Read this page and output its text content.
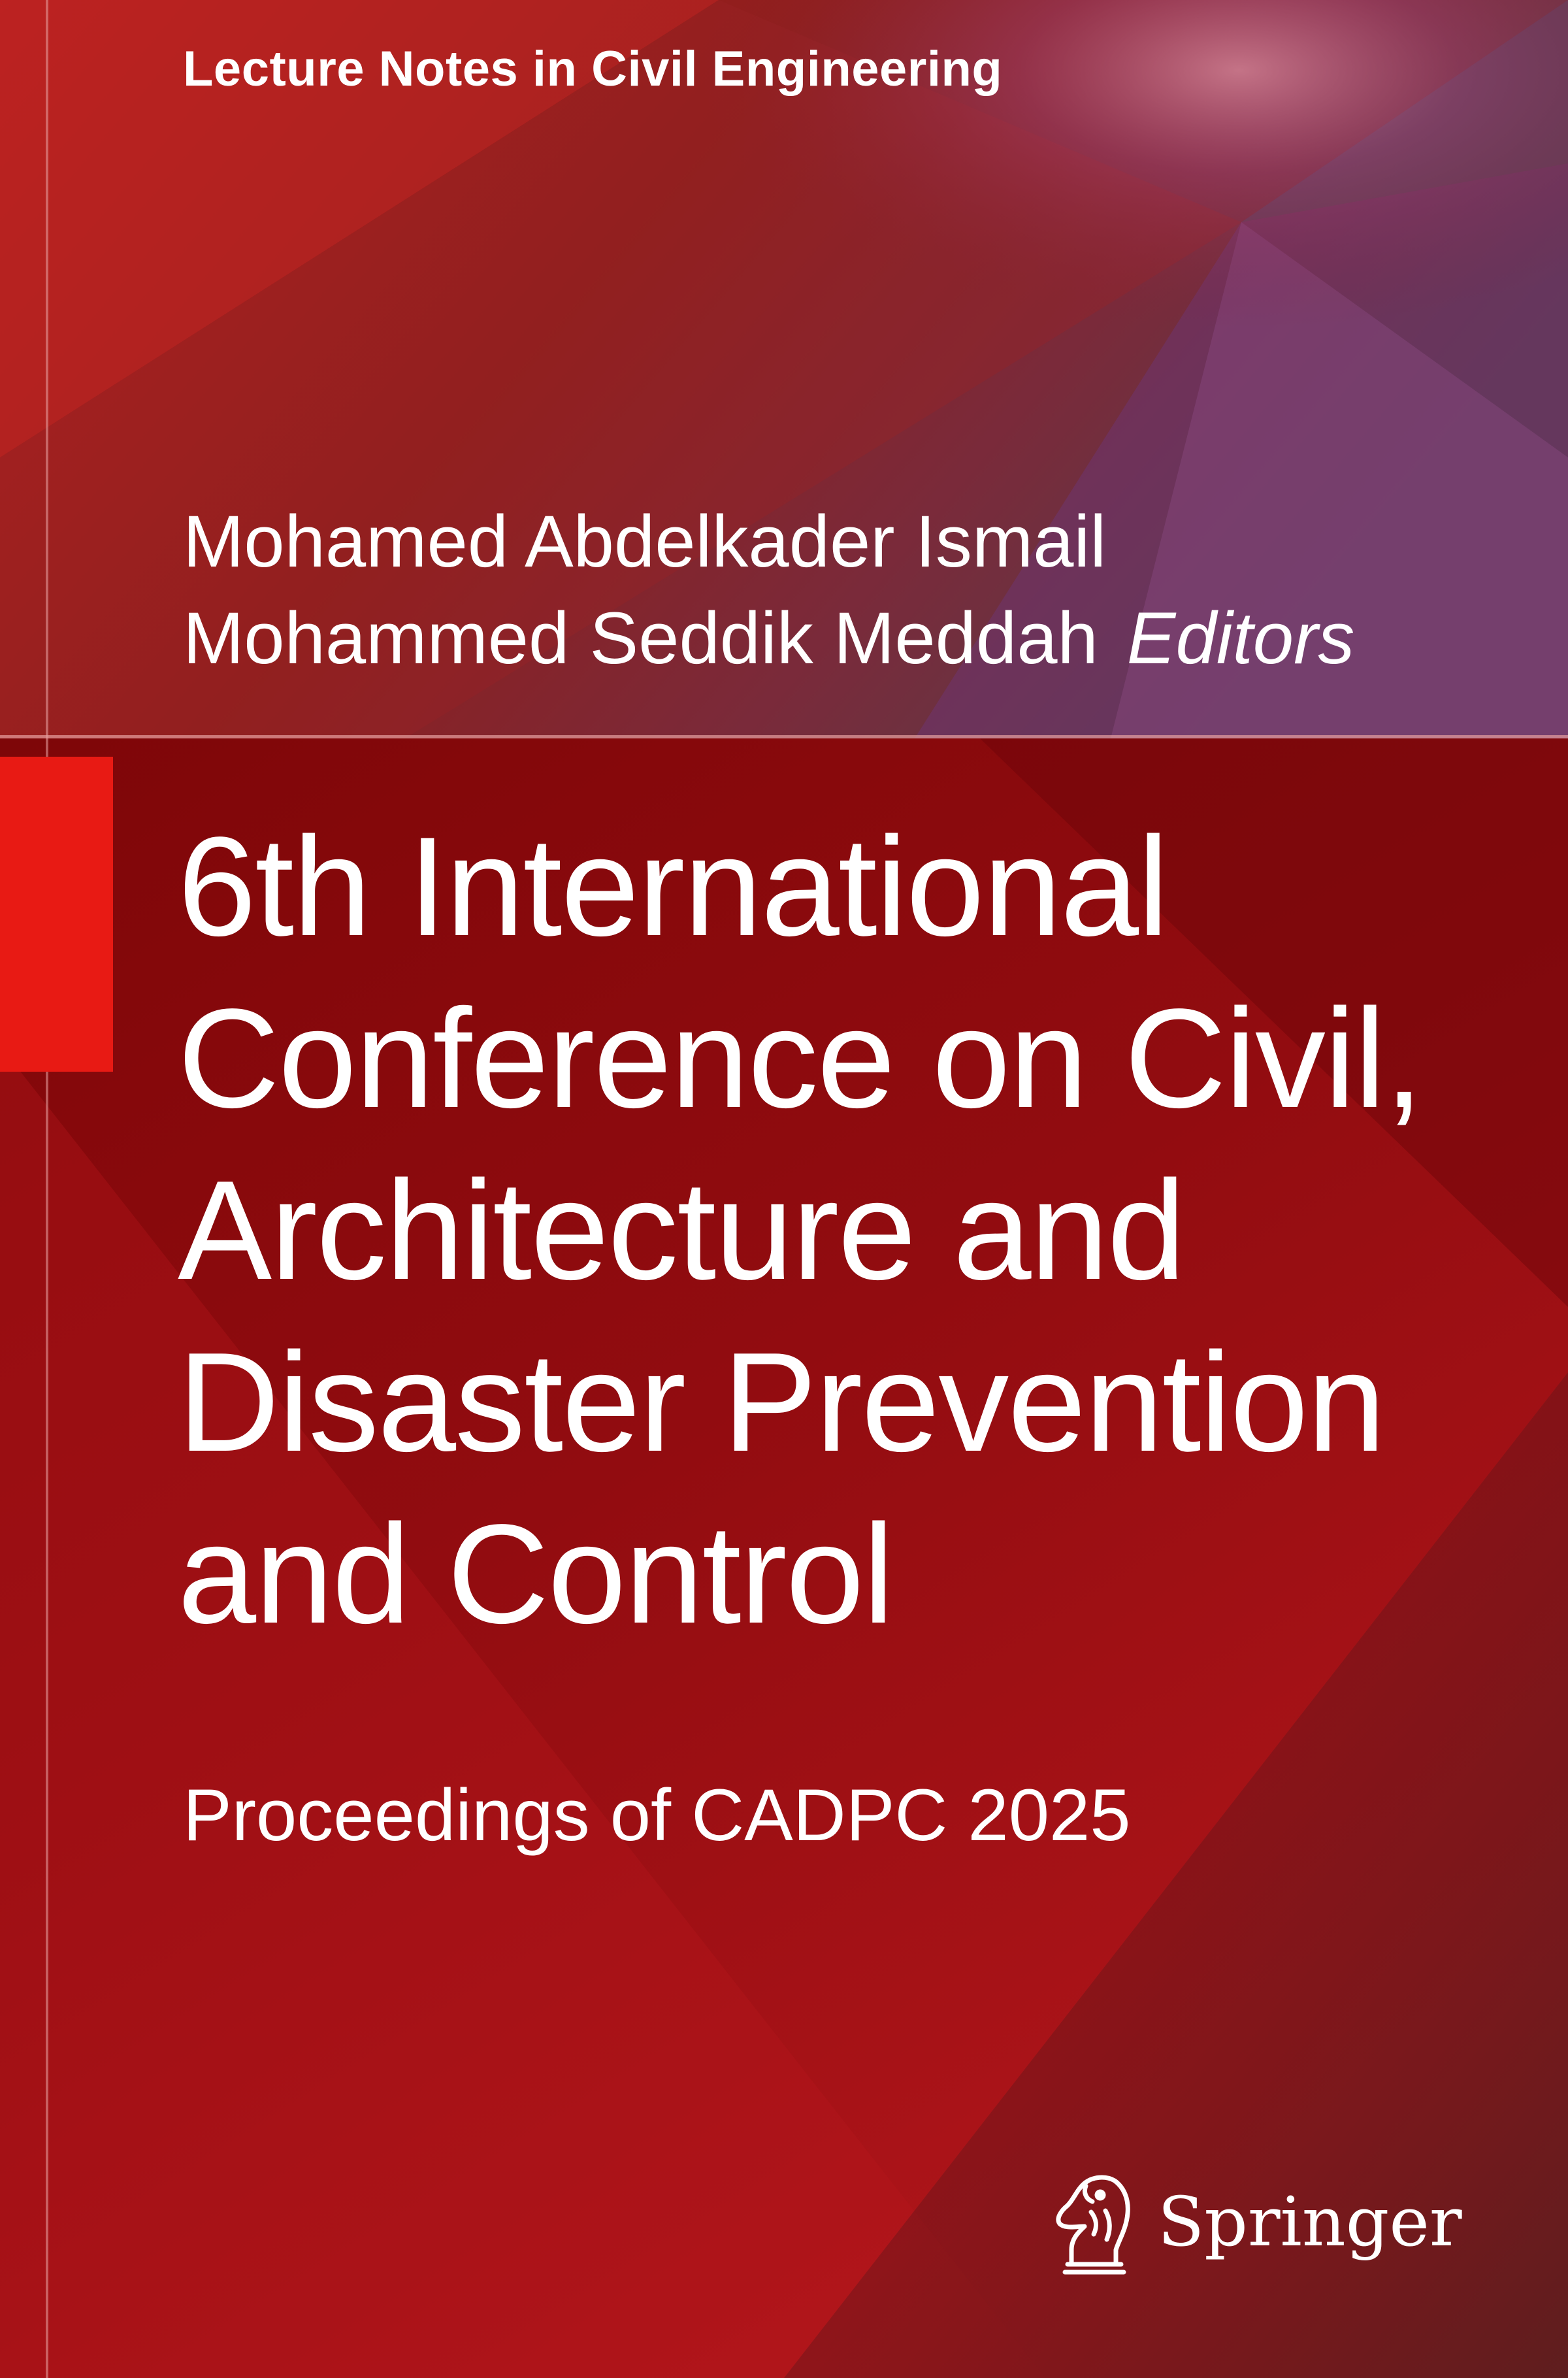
Lecture Notes in Civil Engineering
Mohamed Abdelkader Ismail
Mohammed Seddik Meddah Editors
6th International
Conference on Civil,
Architecture and
Disaster Prevention
and Control
Proceedings of CADPC 2025
Springer
